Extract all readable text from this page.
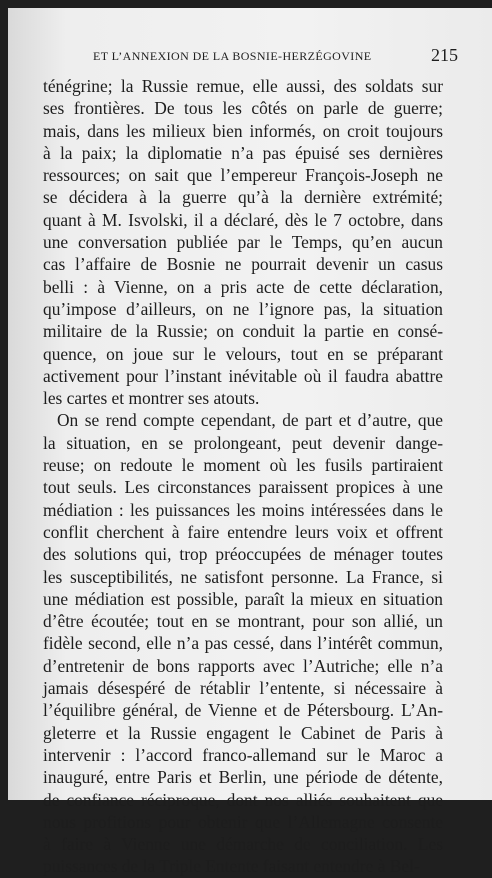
ET L’ANNEXION DE LA BOSNIE-HERZÉGOVINE	215
ténégrine; la Russie remue, elle aussi, des soldats sur
ses frontières. De tous les côtés on parle de guerre;
mais, dans les milieux bien informés, on croit toujours
à la paix; la diplomatie n’a pas épuisé ses dernières
ressources; on sait que l’empereur François-Joseph ne
se décidera à la guerre qu’à la dernière extrémité;
quant à M. Isvolski, il a déclaré, dès le 7 octobre, dans
une conversation publiée par le Temps, qu’en aucun
cas l’affaire de Bosnie ne pourrait devenir un casus
belli : à Vienne, on a pris acte de cette déclaration,
qu’impose d’ailleurs, on ne l’ignore pas, la situation
militaire de la Russie; on conduit la partie en consé-
quence, on joue sur le velours, tout en se préparant
activement pour l’instant inévitable où il faudra abattre
les cartes et montrer ses atouts.
On se rend compte cependant, de part et d’autre, que
la situation, en se prolongeant, peut devenir dange-
reuse; on redoute le moment où les fusils partiraient
tout seuls. Les circonstances paraissent propices à une
médiation : les puissances les moins intéressées dans le
conflit cherchent à faire entendre leurs voix et offrent
des solutions qui, trop préoccupées de ménager toutes
les susceptibilités, ne satisfont personne. La France, si
une médiation est possible, paraît la mieux en situation
d’être écoutée; tout en se montrant, pour son allié, un
fidèle second, elle n’a pas cessé, dans l’intérêt commun,
d’entretenir de bons rapports avec l’Autriche; elle n’a
jamais désespéré de rétablir l’entente, si nécessaire à
l’équilibre général, de Vienne et de Pétersbourg. L’An-
gleterre et la Russie engagent le Cabinet de Paris à
intervenir : l’accord franco-allemand sur le Maroc a
inauguré, entre Paris et Berlin, une période de détente,
de confiance réciproque, dont nos alliés souhaitent que
nous profitions pour obtenir que l’Allemagne consente
à faire à Vienne une démarche de conciliation. Les
puissances de la Triple Entente faisant entendre à Bel-
